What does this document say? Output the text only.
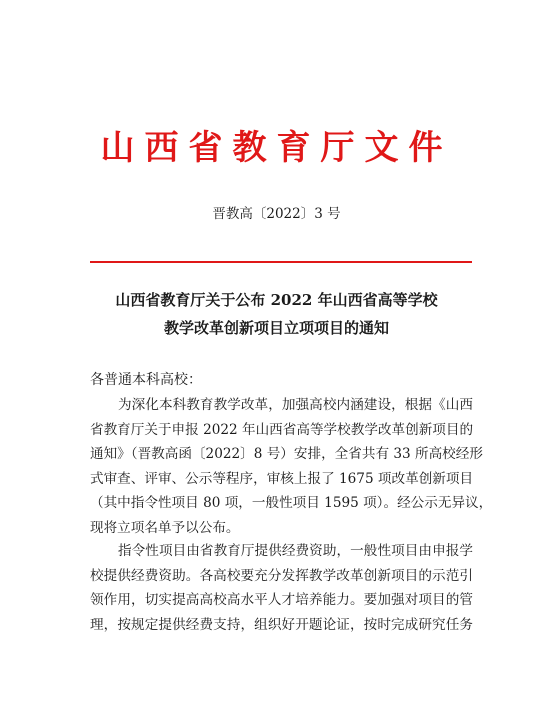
山西省教育厅文件
晋教高〔2022〕3 号
山西省教育厅关于公布 2022 年山西省高等学校
教学改革创新项目立项项目的通知
各普通本科高校：
为深化本科教育教学改革，加强高校内涵建设，根据《山西
省教育厅关于申报 2022 年山西省高等学校教学改革创新项目的
通知》（晋教高函〔2022〕8 号）安排，全省共有 33 所高校经形
式审查、评审、公示等程序，审核上报了 1675 项改革创新项目
（其中指令性项目 80 项，一般性项目 1595 项）。经公示无异议，
现将立项名单予以公布。
指令性项目由省教育厅提供经费资助，一般性项目由申报学
校提供经费资助。各高校要充分发挥教学改革创新项目的示范引
领作用，切实提高高校高水平人才培养能力。要加强对项目的管
理，按规定提供经费支持，组织好开题论证，按时完成研究任务
